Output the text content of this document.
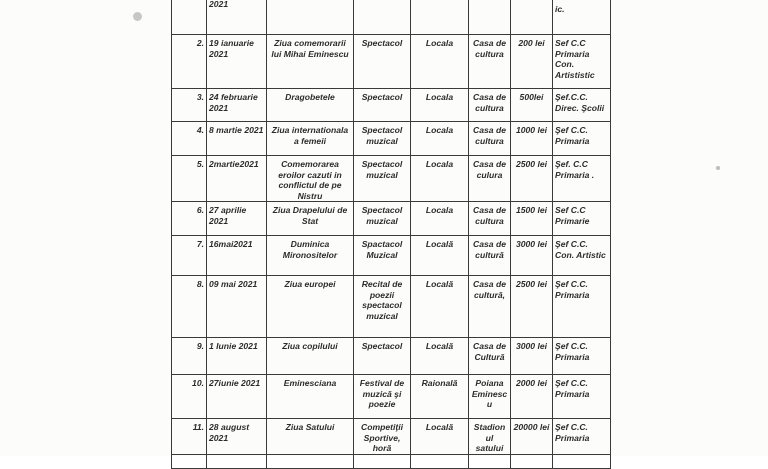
	2021						ic.
2.	19 ianuarie 2021	Ziua comemorarii lui Mihai Eminescu	Spectacol	Locala	Casa de cultura	200 lei	Sef C.C Primaria Con. Artististic
3.	24 februarie 2021	Dragobetele	Spectacol	Locala	Casa de cultura	500lei	Şef.C.C. Direc. Şcolii
4.	8 martie 2021	Ziua internationala a femeii	Spectacol muzical	Locala	Casa de cultura	1000 lei	Şef C.C. Primaria
5.	2martie2021	Comemorarea eroilor cazuti in conflictul de pe Nistru	Spectacol muzical	Locala	Casa de culura	2500 lei	Şef. C.C Primaria .
6.	27 aprilie 2021	Ziua Drapelului de Stat	Spectacol muzical	Locala	Casa de cultura	1500 lei	Sef C.C Primarie
7.	16mai2021	Duminica Mironositelor	Spactacol Muzical	Locală	Casa de cultură	3000 lei	Şef C.C. Con. Artistic
8.	09 mai 2021	Ziua europei	Recital de poezii spectacol muzical	Locală	Casa de cultură,	2500 lei	Şef C.C. Primaria
9.	1 Iunie 2021	Ziua copilului	Spectacol	Locală	Casa de Cultură	3000 lei	Şef C.C. Primaria
10.	27iunie 2021	Eminesciana	Festival de muzică şi poezie	Raională	Poiana Eminesc u	2000 lei	Şef C.C. Primaria
11.	28 august 2021	Ziua Satului	Competiţii Sportive, horă	Locală	Stadion ul satului	20000 lei	Şef C.C. Primaria
